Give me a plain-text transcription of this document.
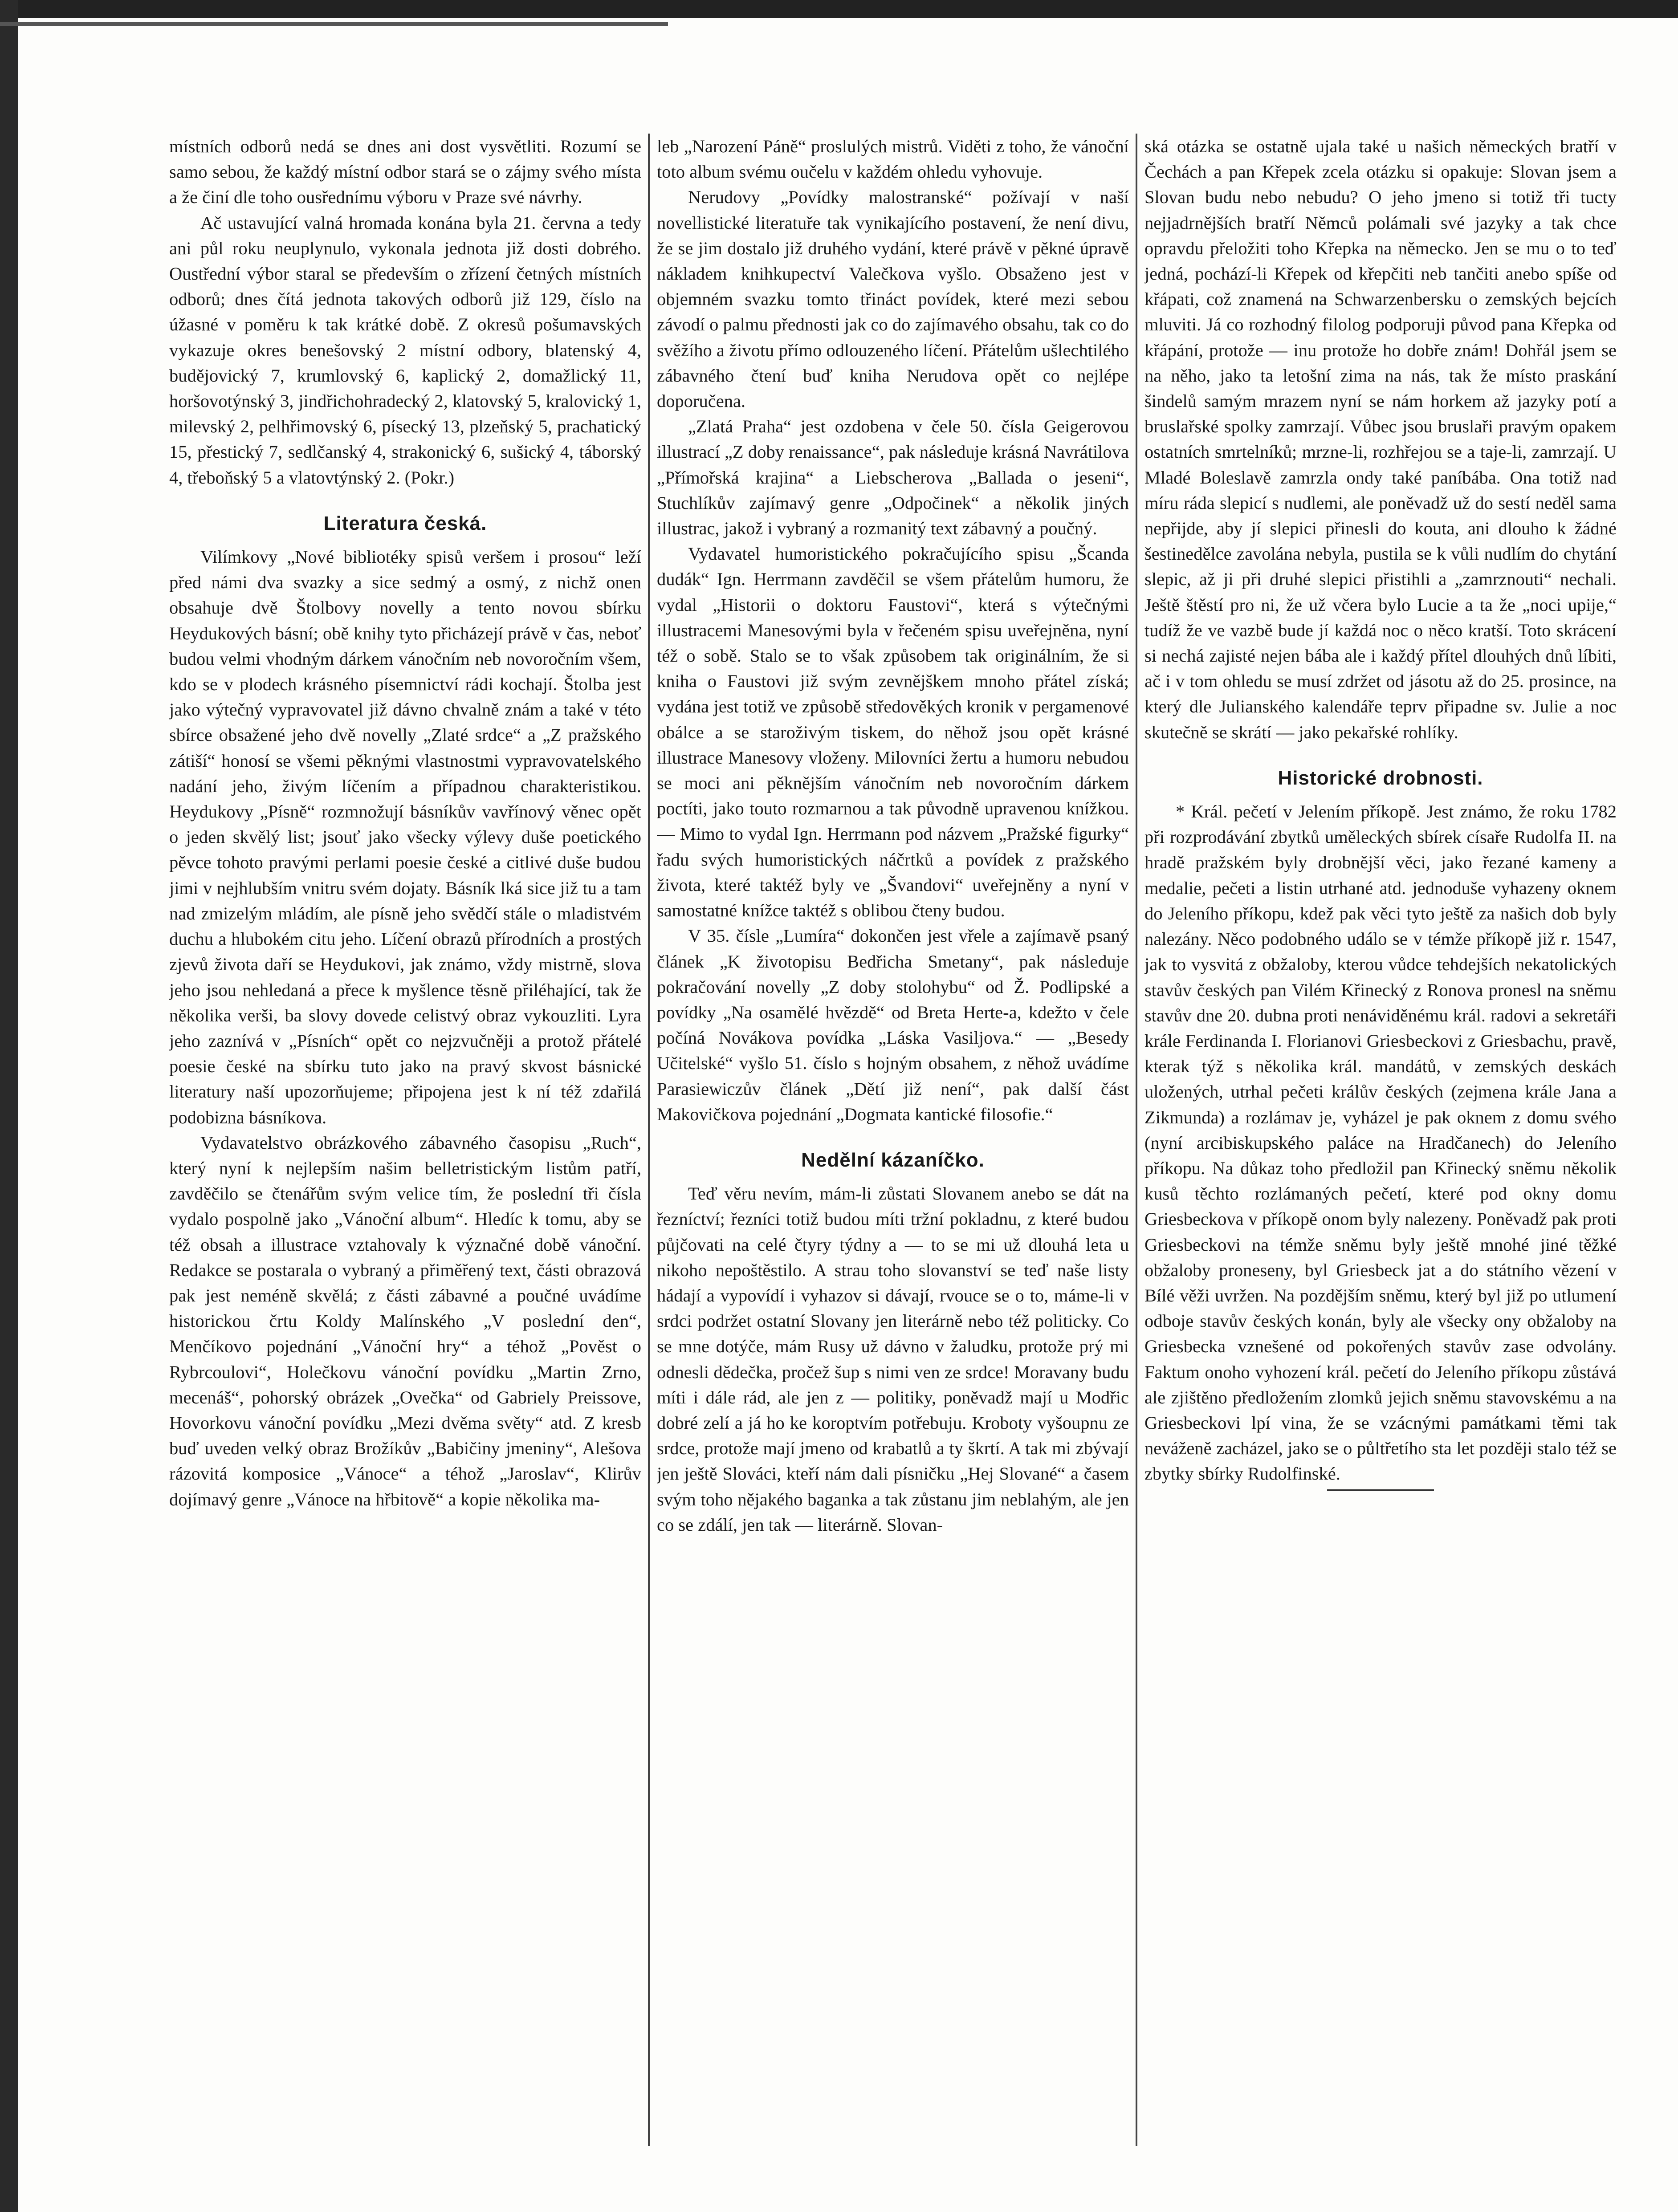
místních odborů nedá se dnes ani dost vysvětliti. Rozumí se samo sebou, že každý místní odbor stará se o zájmy svého místa a že činí dle toho ousřednímu výboru v Praze své návrhy.

Ač ustavující valná hromada konána byla 21. června a tedy ani půl roku neuplynulo, vykonala jednota již dosti dobrého. Oustřední výbor staral se především o zřízení četných místních odborů; dnes čítá jednota takových odborů již 129, číslo na úžasné v poměru k tak krátké době. Z okresů pošumavských vykazuje okres benešovský 2 místní odbory, blatenský 4, budějovický 7, krumlovský 6, kaplický 2, domažlický 11, horšovotýnský 3, jindřichohradecký 2, klatovský 5, kralovický 1, milevský 2, pelhřimovský 6, písecký 13, plzeňský 5, prachatický 15, přestický 7, sedlčanský 4, strakonický 6, sušický 4, táborský 4, třeboňský 5 a vlatovtýnský 2. (Pokr.)

Literatura česká.

Vilímkovy „Nové bibliotéky spisů veršem i prosou“ leží před námi dva svazky a sice sedmý a osmý, z nichž onen obsahuje dvě Štolbovy novelly a tento novou sbírku Heydukových básní; obě knihy tyto přicházejí právě v čas, neboť budou velmi vhodným dárkem vánočním neb novoročním všem, kdo se v plodech krásného písemnictví rádi kochají. Štolba jest jako výtečný vypravovatel již dávno chvalně znám a také v této sbírce obsažené jeho dvě novelly „Zlaté srdce“ a „Z pražského zátiší“ honosí se všemi pěknými vlastnostmi vypravovatelského nadání jeho, živým líčením a případnou charakteristikou. Heydukovy „Písně“ rozmnožují básníkův vavřínový věnec opět o jeden skvělý list; jsouť jako všecky výlevy duše poetického pěvce tohoto pravými perlami poesie české a citlivé duše budou jimi v nejhlubším vnitru svém dojaty. Básník lká sice již tu a tam nad zmizelým mládím, ale písně jeho svědčí stále o mladistvém duchu a hlubokém citu jeho. Líčení obrazů přírodních a prostých zjevů života daří se Heydukovi, jak známo, vždy mistrně, slova jeho jsou nehledaná a přece k myšlence těsně přiléhající, tak že několika verši, ba slovy dovede celistvý obraz vykouzliti. Lyra jeho zaznívá v „Písních“ opět co nejzvučněji a protož přátelé poesie české na sbírku tuto jako na pravý skvost básnické literatury naší upozorňujeme; připojena jest k ní též zdařilá podobizna básníkova.

Vydavatelstvo obrázkového zábavného časopisu „Ruch“, který nyní k nejlepším našim belletristickým listům patří, zavděčilo se čtenářům svým velice tím, že poslední tři čísla vydalo pospolně jako „Vánoční album“. Hledíc k tomu, aby se též obsah a illustrace vztahovaly k význačné době vánoční. Redakce se postarala o vybraný a přiměřený text, části obrazová pak jest neméně skvělá; z části zábavné a poučné uvádíme historickou črtu Koldy Malínského „V poslední den“, Menčíkovo pojednání „Vánoční hry“ a téhož „Pověst o Rybrcoulovi“, Holečkovu vánoční povídku „Martin Zrno, mecenáš“, pohorský obrázek „Ovečka“ od Gabriely Preissove, Hovorkovu vánoční povídku „Mezi dvěma světy“ atd. Z kresb buď uveden velký obraz Brožíkův „Babičiny jmeniny“, Alešova rázovitá komposice „Vánoce“ a téhož „Jaroslav“, Klirův dojímavý genre „Vánoce na hřbitově“ a kopie několika ma-

leb „Narození Páně“ proslulých mistrů. Viděti z toho, že vánoční toto album svému oučelu v každém ohledu vyhovuje.

Nerudovy „Povídky malostranské“ požívají v naší novellistické literatuře tak vynikajícího postavení, že není divu, že se jim dostalo již druhého vydání, které právě v pěkné úpravě nákladem knihkupectví Valečkova vyšlo. Obsaženo jest v objemném svazku tomto třináct povídek, které mezi sebou závodí o palmu přednosti jak co do zajímavého obsahu, tak co do svěžího a životu přímo odlouzeného líčení. Přátelům ušlechtilého zábavného čtení buď kniha Nerudova opět co nejlépe doporučena.

„Zlatá Praha“ jest ozdobena v čele 50. čísla Geigerovou illustrací „Z doby renaissance“, pak následuje krásná Navrátilova „Přímořská krajina“ a Liebscherova „Ballada o jeseni“, Stuchlíkův zajímavý genre „Odpočinek“ a několik jiných illustrac, jakož i vybraný a rozmanitý text zábavný a poučný.

Vydavatel humoristického pokračujícího spisu „Šcanda dudák“ Ign. Herrmann zavděčil se všem přátelům humoru, že vydal „Historii o doktoru Faustovi“, která s výtečnými illustracemi Manesovými byla v řečeném spisu uveřejněna, nyní též o sobě. Stalo se to však způsobem tak originálním, že si kniha o Faustovi již svým zevnějškem mnoho přátel získá; vydána jest totiž ve způsobě středověkých kronik v pergamenové obálce a se staroživým tiskem, do něhož jsou opět krásné illustrace Manesovy vloženy. Milovníci žertu a humoru nebudou se moci ani pěknějším vánočním neb novoročním dárkem poctíti, jako touto rozmarnou a tak původně upravenou knížkou. — Mimo to vydal Ign. Herrmann pod názvem „Pražské figurky“ řadu svých humoristických náčrtků a povídek z pražského života, které taktéž byly ve „Švandovi“ uveřejněny a nyní v samostatné knížce taktéž s oblibou čteny budou.

V 35. čísle „Lumíra“ dokončen jest vřele a zajímavě psaný článek „K životopisu Bedřicha Smetany“, pak následuje pokračování novelly „Z doby stolohybu“ od Ž. Podlipské a povídky „Na osamělé hvězdě“ od Breta Herte-a, kdežto v čele počíná Novákova povídka „Láska Vasiljova.“ — „Besedy Učitelské“ vyšlo 51. číslo s hojným obsahem, z něhož uvádíme Parasiewiczův článek „Dětí již není“, pak další část Makovičkova pojednání „Dogmata kantické filosofie.“

Nedělní kázaníčko.

Teď věru nevím, mám-li zůstati Slovanem anebo se dát na řezníctví; řezníci totiž budou míti tržní pokladnu, z které budou půjčovati na celé čtyry týdny a — to se mi už dlouhá leta u nikoho nepoštěstilo. A strau toho slovanství se teď naše listy hádají a vypovídí i vyhazov si dávají, rvouce se o to, máme-li v srdci podržet ostatní Slovany jen literárně nebo též politicky. Co se mne dotýče, mám Rusy už dávno v žaludku, protože prý mi odnesli dědečka, pročež šup s nimi ven ze srdce! Moravany budu míti i dále rád, ale jen z — politiky, poněvadž mají u Modřic dobré zelí a já ho ke koroptvím potřebuju. Kroboty vyšoupnu ze srdce, protože mají jmeno od krabatlů a ty škrtí. A tak mi zbývají jen ještě Slováci, kteří nám dali písničku „Hej Slované“ a časem svým toho nějakého baganka a tak zůstanu jim neblahým, ale jen co se zdálí, jen tak — literárně. Slovan-

ská otázka se ostatně ujala také u našich německých bratří v Čechách a pan Křepek zcela otázku si opakuje: Slovan jsem a Slovan budu nebo nebudu? O jeho jmeno si totiž tři tucty nejjadrnějších bratří Němců polámali své jazyky a tak chce opravdu přeložiti toho Křepka na německo. Jen se mu o to teď jedná, pochází-li Křepek od křepčiti neb tančiti anebo spíše od křápati, což znamená na Schwarzenbersku o zemských bejcích mluviti. Já co rozhodný filolog podporuji původ pana Křepka od křápání, protože — inu protože ho dobře znám! Dohřál jsem se na něho, jako ta letošní zima na nás, tak že místo praskání šindelů samým mrazem nyní se nám horkem až jazyky potí a bruslařské spolky zamrzají. Vůbec jsou bruslaři pravým opakem ostatních smrtelníků; mrzne-li, rozhřejou se a taje-li, zamrzají. U Mladé Boleslavě zamrzla ondy také paníbába. Ona totiž nad míru ráda slepicí s nudlemi, ale poněvadž už do sestí neděl sama nepřijde, aby jí slepici přinesli do kouta, ani dlouho k žádné šestinedělce zavolána nebyla, pustila se k vůli nudlím do chytání slepic, až ji při druhé slepici přistihli a „zamrznouti“ nechali. Ještě štěstí pro ni, že už včera bylo Lucie a ta že „noci upije,“ tudíž že ve vazbě bude jí každá noc o něco kratší. Toto skrácení si nechá zajisté nejen bába ale i každý přítel dlouhých dnů líbiti, ač i v tom ohledu se musí zdržet od jásotu až do 25. prosince, na který dle Julianského kalendáře teprv připadne sv. Julie a noc skutečně se skrátí — jako pekařské rohlíky.

Historické drobnosti.

* Král. pečetí v Jelením příkopě. Jest známo, že roku 1782 při rozprodávání zbytků uměleckých sbírek císaře Rudolfa II. na hradě pražském byly drobnější věci, jako řezané kameny a medalie, pečeti a listin utrhané atd. jednoduše vyhazeny oknem do Jeleního příkopu, kdež pak věci tyto ještě za našich dob byly nalezány. Něco podobného událo se v témže příkopě již r. 1547, jak to vysvitá z obžaloby, kterou vůdce tehdejších nekatolických stavův českých pan Vilém Křinecký z Ronova pronesl na sněmu stavův dne 20. dubna proti nenáviděnému král. radovi a sekretáři krále Ferdinanda I. Florianovi Griesbeckovi z Griesbachu, pravě, kterak týž s několika král. mandátů, v zemských deskách uložených, utrhal pečeti králův českých (zejmena krále Jana a Zikmunda) a rozlámav je, vyházel je pak oknem z domu svého (nyní arcibiskupského paláce na Hradčanech) do Jeleního příkopu. Na důkaz toho předložil pan Křinecký sněmu několik kusů těchto rozlámaných pečetí, které pod okny domu Griesbeckova v příkopě onom byly nalezeny. Poněvadž pak proti Griesbeckovi na témže sněmu byly ještě mnohé jiné těžké obžaloby proneseny, byl Griesbeck jat a do státního vězení v Bílé věži uvržen. Na pozdějším sněmu, který byl již po utlumení odboje stavův českých konán, byly ale všecky ony obžaloby na Griesbecka vznešené od pokořených stavův zase odvolány. Faktum onoho vyhození král. pečetí do Jeleního příkopu zůstává ale zjištěno předložením zlomků jejich sněmu stavovskému a na Griesbeckovi lpí vina, že se vzácnými památkami těmi tak neváženě zacházel, jako se o půltřetího sta let později stalo též se zbytky sbírky Rudolfinské.
